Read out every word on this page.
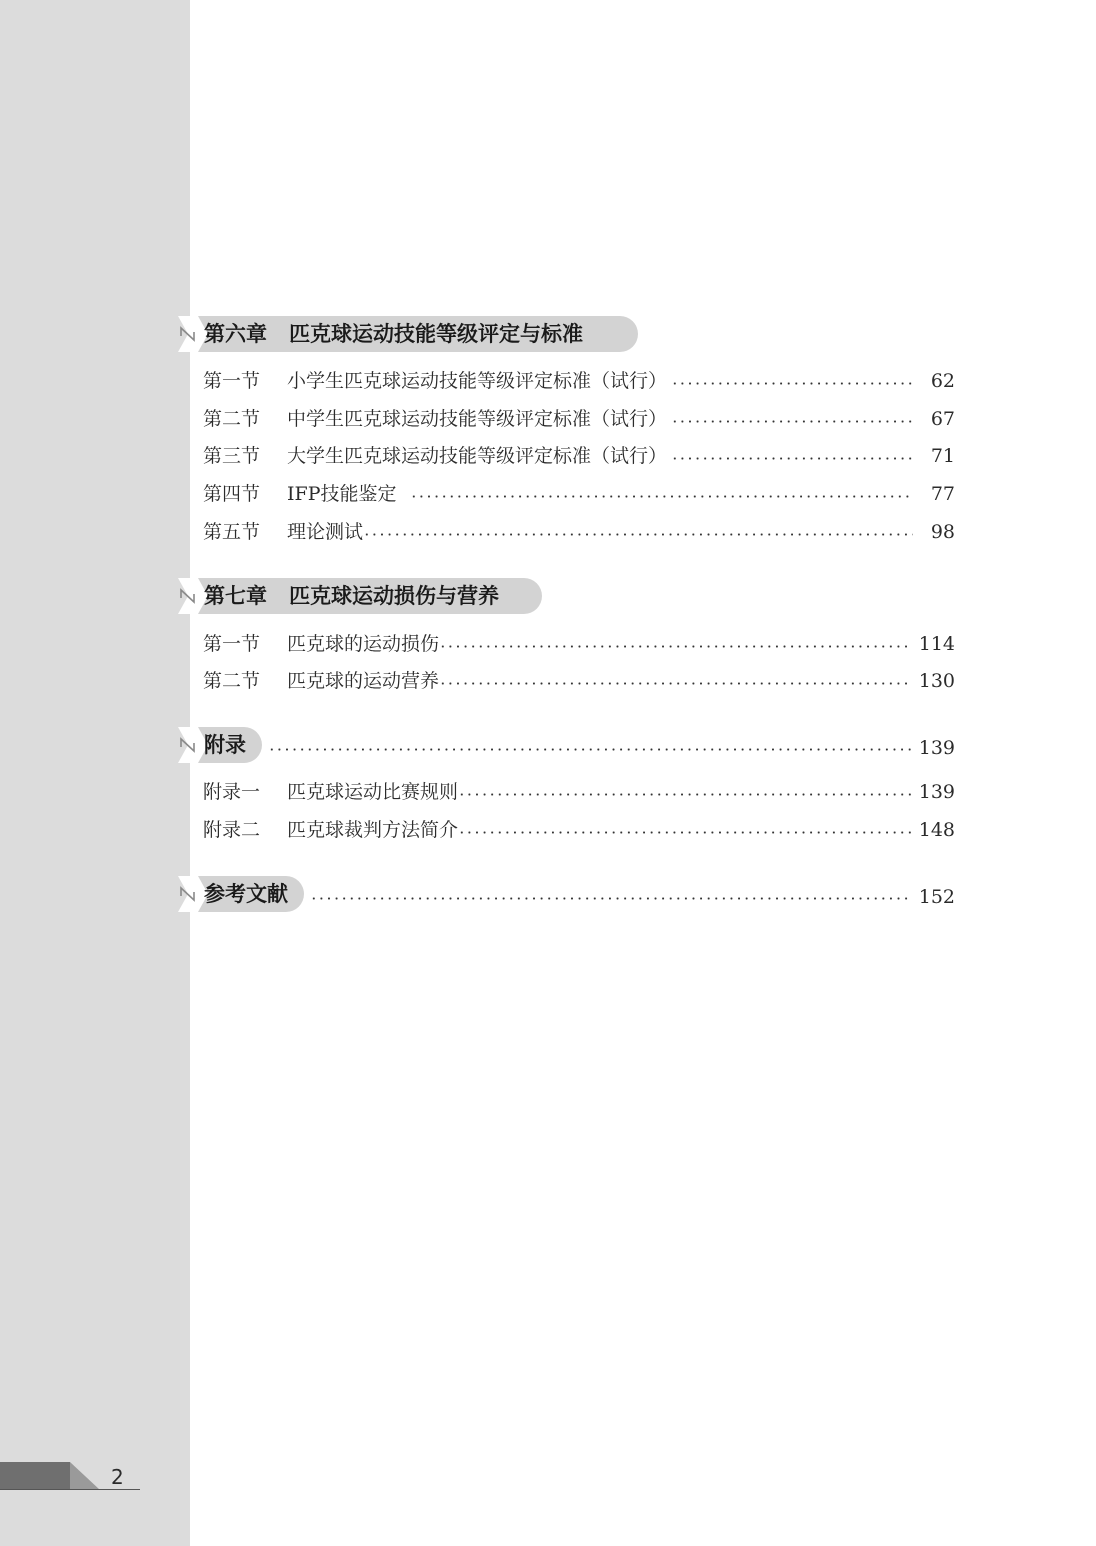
第六章 匹克球运动技能等级评定与标准
第一节	小学生匹克球运动技能等级评定标准（试行）	62
第二节	中学生匹克球运动技能等级评定标准（试行）	67
第三节	大学生匹克球运动技能等级评定标准（试行）	71
第四节	IFP技能鉴定	77
第五节	理论测试	98
第七章 匹克球运动损伤与营养
第一节	匹克球的运动损伤	114
第二节	匹克球的运动营养	130
附录	139
附录一	匹克球运动比赛规则	139
附录二	匹克球裁判方法简介	148
参考文献	152
2
